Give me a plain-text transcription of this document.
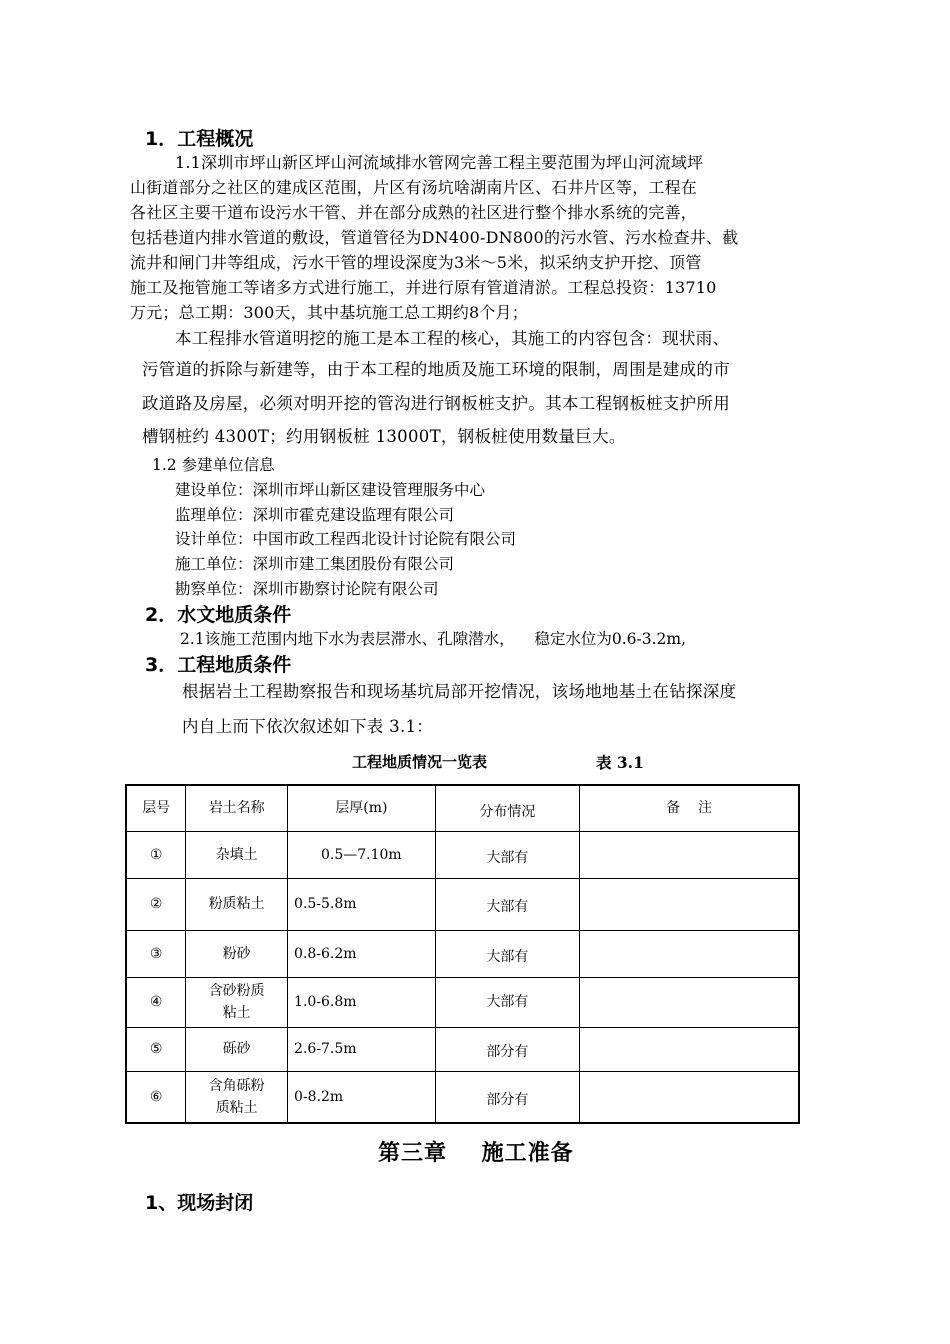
1．工程概况
1.1深圳市坪山新区坪山河流域排水管网完善工程主要范围为坪山河流域坪
山街道部分之社区的建成区范围，片区有汤坑啥湖南片区、石井片区等，工程在
各社区主要干道布设污水干管、并在部分成熟的社区进行整个排水系统的完善，
包括巷道内排水管道的敷设，管道管径为DN400-DN800的污水管、污水检查井、截
流井和闸门井等组成，污水干管的埋设深度为3米～5米，拟采纳支护开挖、顶管
施工及拖管施工等诸多方式进行施工，并进行原有管道清淤。工程总投资：13710
万元；总工期：300天，其中基坑施工总工期约8个月；
本工程排水管道明挖的施工是本工程的核心，其施工的内容包含：现状雨、
污管道的拆除与新建等，由于本工程的地质及施工环境的限制，周围是建成的市
政道路及房屋，必须对明开挖的管沟进行钢板桩支护。其本工程钢板桩支护所用
槽钢桩约 4300T；约用钢板桩 13000T，钢板桩使用数量巨大。
1.2 参建单位信息
建设单位：深圳市坪山新区建设管理服务中心
监理单位：深圳市霍克建设监理有限公司
设计单位：中国市政工程西北设计讨论院有限公司
施工单位：深圳市建工集团股份有限公司
勘察单位：深圳市勘察讨论院有限公司
2．水文地质条件
2.1该施工范围内地下水为表层滞水、孔隙潜水，    稳定水位为0.6-3.2m,
3．工程地质条件
根据岩土工程勘察报告和现场基坑局部开挖情况，该场地地基土在钻探深度
内自上而下依次叙述如下表 3.1：
工程地质情况一览表	表 3.1
层号	岩土名称	层厚(m)	分布情况	备    注
①	杂填土	0.5—7.10m	大部有	
②	粉质粘土	0.5-5.8m	大部有	
③	粉砂	0.8-6.2m	大部有	
④	含砂粉质
粘土	1.0-6.8m	大部有	
⑤	砾砂	2.6-7.5m	部分有	
⑥	含角砾粉
质粘土	0-8.2m	部分有	
第三章    施工准备
1、现场封闭
